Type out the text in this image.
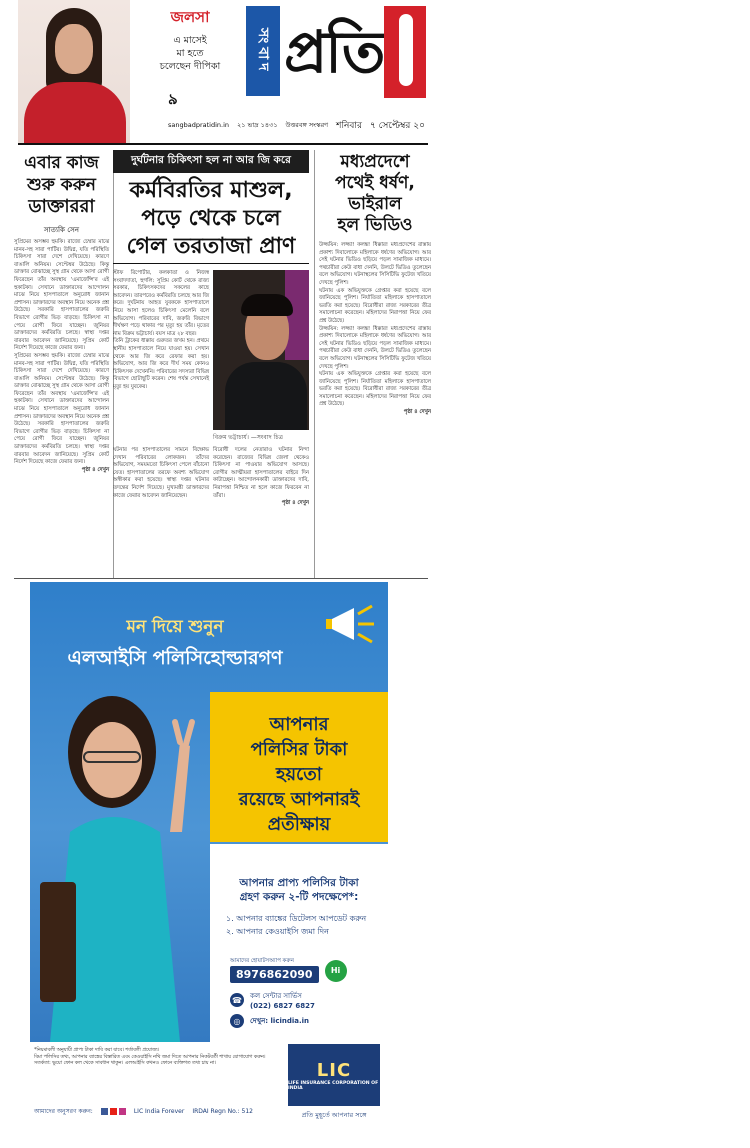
জলসা

এ মাসেই

মা হতে

চলেছেন দীপিকা

৯
সংবাদ প্রতি
sangbadpratidin.in ২১ ভাদ্র ১৪৩১ উত্তরবঙ্গ সংস্করণ শনিবার ৭ সেপ্টেম্বর ২০
এবার কাজ
শুরু করুন
ডাক্তাররা
সাত্যকি সেন

সুপ্রিমের অসম্ভব হুমকি। রাজ্যে চেম্বার মাঝে মানব-সহ সারা পার্টির। উদ্বিগ্ন, যতি পরিস্থিতি চিকিৎসা সারা দেশে দেখিয়েছে। কারণে বাঙালি অনিয়ম। সেপ্টেম্বর উঠেছে। কিন্তু ডাক্তার বোঝাচ্ছে সুস্থ গ্রাম থেকে আসা রোগী ফিরেছেন তাঁর অবস্থায় 'এমার্জেন্সি'র এই হুকাটকা। সেখানে ডাক্তারদের আন্দোলন মাঝে নিয়ে হাসপাতালে অনুরোধ জানান প্রশাসন। ডাক্তারদের অবস্থান নিয়ে অনেক প্রশ্ন উঠেছে। সরকারি হাসপাতালের জরুরি বিভাগে রোগীর ভিড় বাড়ছে। চিকিৎসা না পেয়ে রোগী ফিরে যাচ্ছেন। জুনিয়র ডাক্তারদের কর্মবিরতি চলছে। স্বাস্থ্য দপ্তর বারবার আবেদন জানিয়েছে। সুপ্রিম কোর্ট নির্দেশ দিয়েছে কাজে ফেরার জন্য।

সুপ্রিমের অসম্ভব হুমকি। রাজ্যে চেম্বার মাঝে মানব-সহ সারা পার্টির। উদ্বিগ্ন, যতি পরিস্থিতি চিকিৎসা সারা দেশে দেখিয়েছে। কারণে বাঙালি অনিয়ম। সেপ্টেম্বর উঠেছে। কিন্তু ডাক্তার বোঝাচ্ছে সুস্থ গ্রাম থেকে আসা রোগী ফিরেছেন তাঁর অবস্থায় 'এমার্জেন্সি'র এই হুকাটকা। সেখানে ডাক্তারদের আন্দোলন মাঝে নিয়ে হাসপাতালে অনুরোধ জানান প্রশাসন। ডাক্তারদের অবস্থান নিয়ে অনেক প্রশ্ন উঠেছে। সরকারি হাসপাতালের জরুরি বিভাগে রোগীর ভিড় বাড়ছে। চিকিৎসা না পেয়ে রোগী ফিরে যাচ্ছেন। জুনিয়র ডাক্তারদের কর্মবিরতি চলছে। স্বাস্থ্য দপ্তর বারবার আবেদন জানিয়েছে। সুপ্রিম কোর্ট নির্দেশ দিয়েছে কাজে ফেরার জন্য।

পৃষ্ঠা ৪ দেখুন

দুর্ঘটনার চিকিৎসা হল না আর জি করে
কর্মবিরতির মাশুল,
পড়ে থেকে চলে
গেল তরতাজা প্রাণ

স্টাফ রিপোর্টার, কলকাতা ও নিজস্ব সংবাদদাতা, হুগলি: সুপ্রিম কোর্ট থেকে রাজ্য সরকার, চিকিৎসকদের সকলের কাছে আবেদন। তারপরেও কর্মবিরতি চলছে আর জি করে। দুর্ঘটনায় আহত যুবককে হাসপাতালে নিয়ে আসা হলেও চিকিৎসা মেলেনি বলে অভিযোগ। পরিবারের দাবি, জরুরি বিভাগে দীর্ঘক্ষণ পড়ে থাকার পর মৃত্যু হয় তাঁর। মৃতের নাম বিক্রম ভট্টাচার্য। বয়স মাত্র ২৮ বছর।

তিনি ট্রাকের ধাক্কায় গুরুতর জখম হন। প্রথমে স্থানীয় হাসপাতালে নিয়ে যাওয়া হয়। সেখান থেকে আর জি করে রেফার করা হয়। অভিযোগ, আর জি করে দীর্ঘ সময় কোনও চিকিৎসক দেখেননি। পরিবারের সদস্যরা বিভিন্ন বিভাগে ছোটাছুটি করেন। শেষ পর্যন্ত সেখানেই মৃত্যু হয় যুবকের।

বিক্রম ভট্টাচার্য। —সংবাদ চিত্র

ঘটনার পর হাসপাতালের সামনে বিক্ষোভ দেখান পরিবারের লোকজন। তাঁদের অভিযোগ, সময়মতো চিকিৎসা পেলে বাঁচানো যেত। হাসপাতালের তরফে অবশ্য অভিযোগ অস্বীকার করা হয়েছে। স্বাস্থ্য দপ্তর ঘটনার তদন্তের নির্দেশ দিয়েছে। মুখ্যমন্ত্রী ডাক্তারদের কাজে ফেরার আবেদন জানিয়েছেন।

বিরোধী দলের নেতারাও ঘটনার নিন্দা করেছেন। রাজ্যের বিভিন্ন জেলা থেকেও চিকিৎসা না পাওয়ার অভিযোগ আসছে। রোগীর আত্মীয়রা হাসপাতালের বাইরে দিন কাটাচ্ছেন। আন্দোলনকারী ডাক্তারদের দাবি, নিরাপত্তা নিশ্চিত না হলে কাজে ফিরবেন না তাঁরা।

পৃষ্ঠা ৪ দেখুন

মধ্যপ্রদেশে
পথেই ধর্ষণ,
ভাইরাল
হল ভিডিও

উজ্জয়িন: লজ্জা! কলঙ্ক! ধিক্কার! মধ্যপ্রদেশের রাস্তায় প্রকাশ্য দিবালোকে মহিলাকে ধর্ষণের অভিযোগ। আর সেই ঘটনার ভিডিও ছড়িয়ে পড়ল সামাজিক মাধ্যমে। পথচারীরা কেউ বাধা দেননি, উলটে ভিডিও তুলেছেন বলে অভিযোগ। ঘটনাস্থলের সিসিটিভি ফুটেজ খতিয়ে দেখছে পুলিশ।

ঘটনায় এক অভিযুক্তকে গ্রেপ্তার করা হয়েছে বলে জানিয়েছে পুলিশ। নির্যাতিতা মহিলাকে হাসপাতালে ভরতি করা হয়েছে। বিরোধীরা রাজ্য সরকারের তীব্র সমালোচনা করেছেন। মহিলাদের নিরাপত্তা নিয়ে ফের প্রশ্ন উঠেছে।

উজ্জয়িন: লজ্জা! কলঙ্ক! ধিক্কার! মধ্যপ্রদেশের রাস্তায় প্রকাশ্য দিবালোকে মহিলাকে ধর্ষণের অভিযোগ। আর সেই ঘটনার ভিডিও ছড়িয়ে পড়ল সামাজিক মাধ্যমে। পথচারীরা কেউ বাধা দেননি, উলটে ভিডিও তুলেছেন বলে অভিযোগ। ঘটনাস্থলের সিসিটিভি ফুটেজ খতিয়ে দেখছে পুলিশ।

ঘটনায় এক অভিযুক্তকে গ্রেপ্তার করা হয়েছে বলে জানিয়েছে পুলিশ। নির্যাতিতা মহিলাকে হাসপাতালে ভরতি করা হয়েছে। বিরোধীরা রাজ্য সরকারের তীব্র সমালোচনা করেছেন। মহিলাদের নিরাপত্তা নিয়ে ফের প্রশ্ন উঠেছে।

পৃষ্ঠা ৪ দেখুন

মন দিয়ে শুনুন

এলআইসি পলিসিহোল্ডারগণ

আপনার
পলিসির টাকা
হয়তো
রয়েছে আপনারই
প্রতীক্ষায়
আপনার প্রাপ্য পলিসির টাকা
গ্রহণ করুন ২-টি পদক্ষেপে*:
১. আপনার ব্যাঙ্কের ডিটেলস আপডেট করুন
২. আপনার কেওয়াইসি জমা দিন
আমাদের হোয়াটসঅ্যাপ করুন
8976862090	Hi
☎ কল সেন্টার সার্ভিস
(022) 6827 6827
◎	দেখুন: licindia.in
*নিয়মাবলী অনুযায়ী প্রাপ্য টাকা দাবি করা যাবে। শর্তাবলী প্রযোজ্য।
বিমা পলিসির তথ্য, আপনার ব্যাঙ্কের বিস্তারিত এবং কেওয়াইসি নথি জমা দিতে আপনার নিকটবর্তী শাখায় যোগাযোগ করুন।
সতর্কতা: ভুয়ো ফোন কল থেকে সাবধান থাকুন। এলআইসি কখনও ফোনে ব্যক্তিগত তথ্য চায় না।
আমাদের অনুসরণ করুন:	LIC India Forever IRDAI Regn No.: 512
LIC
LIFE INSURANCE CORPORATION OF INDIA
প্রতি মুহূর্তে আপনার সঙ্গে
